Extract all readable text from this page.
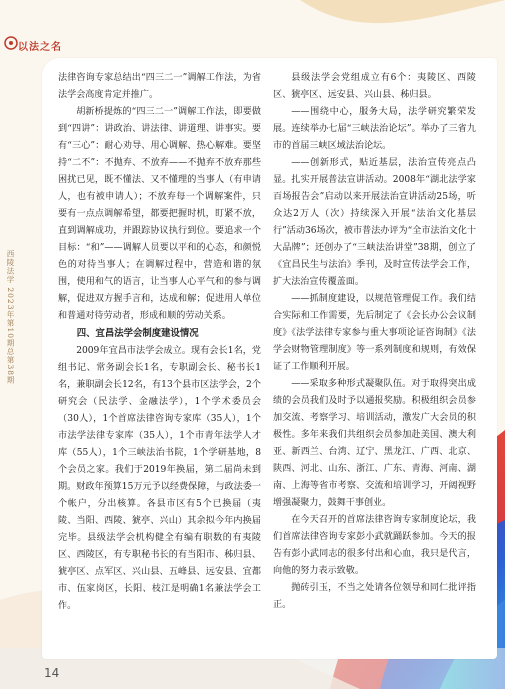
以法之名
西陵法学 2023年第10期总第38期

法律咨询专家总结出“四三二一”调解工作法，为省法学会高度肯定并推广。

胡新桥提炼的“四三二一”调解工作法，即要做到“四讲”：讲政治、讲法律、讲道理、讲事实。要有“三心”：耐心劝导、用心调解、热心解难。要坚持“二不”：不抛弃、不放弃——不抛弃不放弃那些困扰已见，既不懂法、又不懂理的当事人（有申请人，也有被申请人）；不放弃每一个调解案件，只要有一点点调解希望，都要把握时机，盯紧不放，直到调解成功，并跟踪协议执行到位。要追求一个目标：“和”——调解人员要以平和的心态，和颜悦色的对待当事人；在调解过程中，营造和谐的氛围，使用和气的语言，让当事人心平气和的参与调解，促进双方握手言和，达成和解；促进用人单位和普通对待劳动者，形成和顺的劳动关系。

四、宜昌法学会制度建设情况

2009年宜昌市法学会成立。现有会长1名，党组书记、常务副会长1名，专职副会长、秘书长1名，兼职副会长12名，有13个县市区法学会，2个研究会（民法学、金融法学），1个学术委员会（30人），1个首席法律咨询专家库（35人），1个市法学法律专家库（35人），1个市青年法学人才库（55人），1个三峡法治书院，1个学研基地，8个会员之家。我们于2019年换届，第二届尚未到期。财政年预算15万元予以经费保障，与政法委一个帐户，分出核算。各县市区有5个已换届（夷陵、当阳、西陵、猇亭、兴山）其余拟今年内换届完毕。县级法学会机构健全有编有职数的有夷陵区、西陵区，有专职秘书长的有当阳市、秭归县、猇亭区、点军区、兴山县、五峰县、远安县、宜都市、伍家岗区，长阳、枝江是明确1名兼法学会工作。

县级法学会党组成立有6个：夷陵区、西陵区、猇亭区、远安县、兴山县、秭归县。

——围绕中心，服务大局，法学研究繁荣发展。连续举办七届“三峡法治论坛”。举办了三省九市的首届三峡区域法治论坛。

——创新形式，贴近基层，法治宣传亮点凸显。扎实开展普法宣讲活动。2008年“湖北法学家百场报告会”启动以来开展法治宣讲活动25场，听众达2万人（次）持续深入开展“法治文化基层行”活动36场次，被市普法办评为“全市法治文化十大品牌”；还创办了“三峡法治讲堂”38期，创立了《宜昌民生与法治》季刊，及时宣传法学会工作，扩大法治宣传覆盖面。

——抓制度建设，以规范管理促工作。我们结合实际和工作需要，先后制定了《会长办公会议制度》《法学法律专家参与重大事项论证咨询制》《法学会财物管理制度》等一系列制度和规则，有效保证了工作顺利开展。

——采取多种形式凝聚队伍。对于取得突出成绩的会员我们及时予以通报奖励。积极组织会员参加交流、考察学习、培训活动，激发广大会员的积极性。多年来我们共组织会员参加赴美国、澳大利亚、新西兰、台湾、辽宁、黑龙江、广西、北京、陕西、河北、山东、浙江、广东、青海、河南、湖南、上海等省市考察、交流和培训学习，开阔视野增强凝聚力，鼓舞干事创业。

在今天召开的首席法律咨询专家制度论坛，我们首席法律咨询专家彭小武就踊跃参加。今天的报告有彭小武同志的很多付出和心血，我只是代言，向他的努力表示致敬。

抛砖引玉，不当之处请各位领导和同仁批评指正。

14
